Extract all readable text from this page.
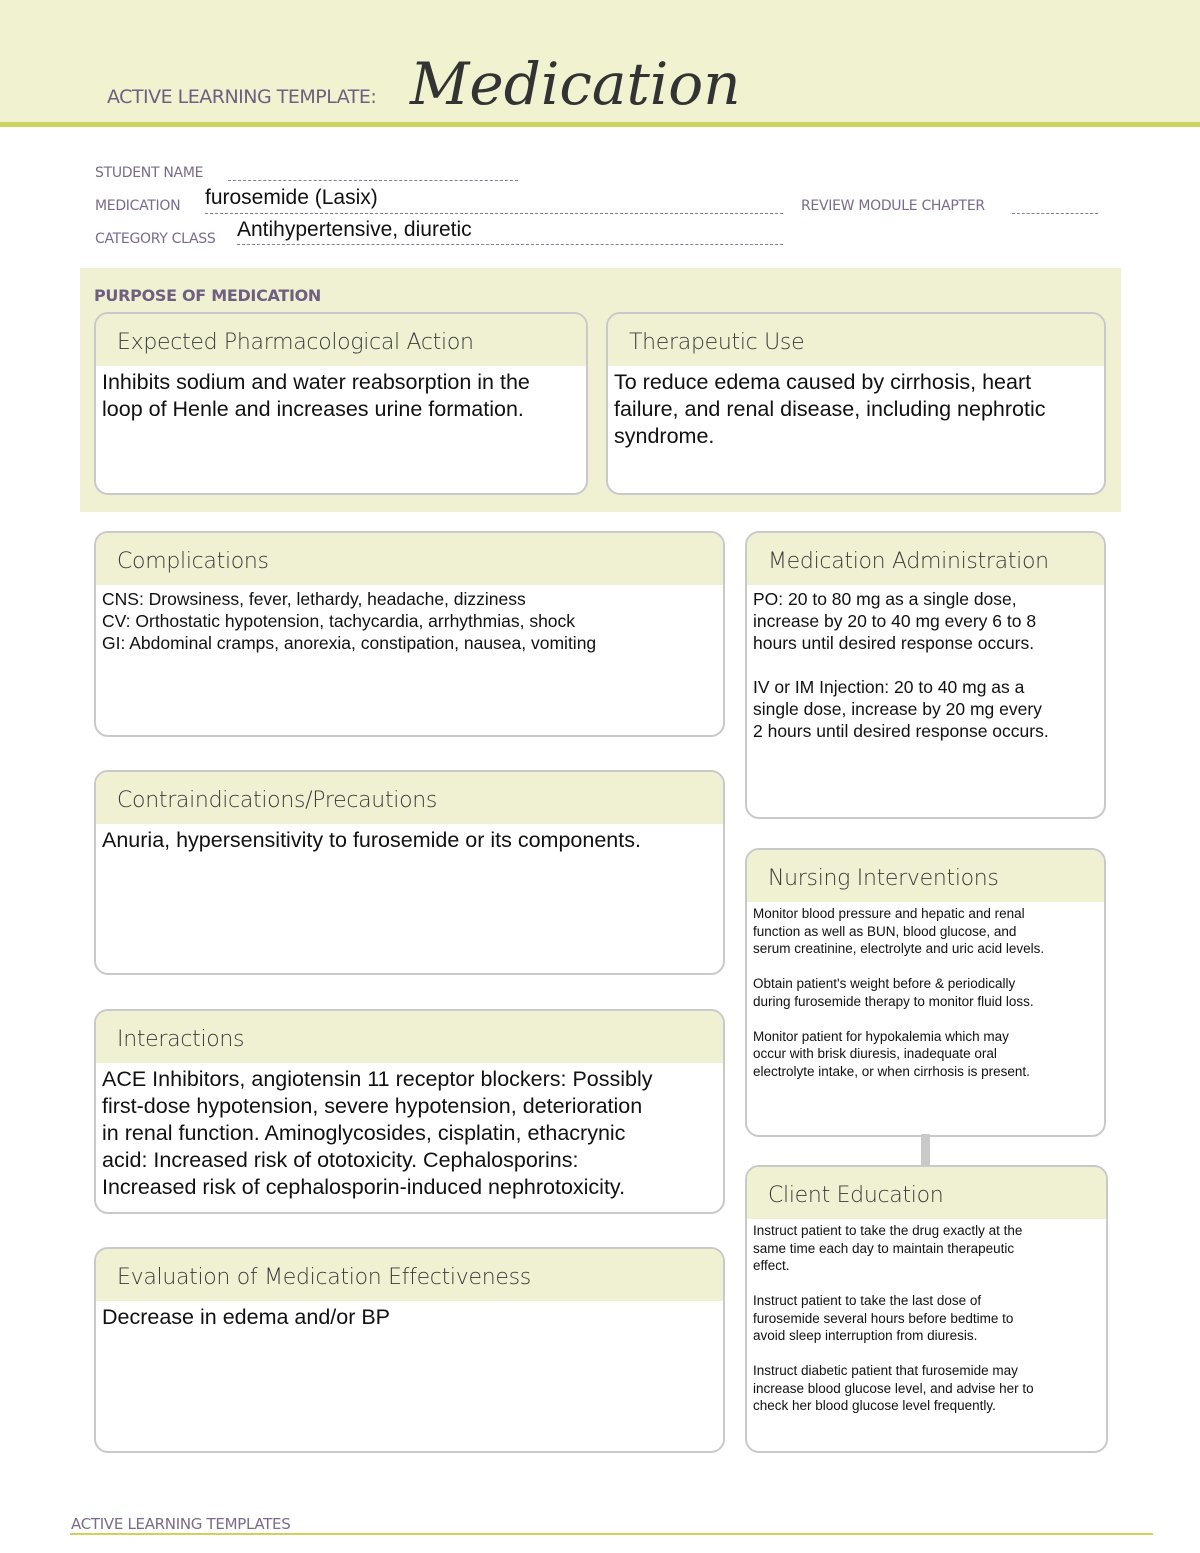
ACTIVE LEARNING TEMPLATE: Medication
STUDENT NAME
MEDICATION furosemide (Lasix)	REVIEW MODULE CHAPTER
CATEGORY CLASS Antihypertensive, diuretic
PURPOSE OF MEDICATION
Expected Pharmacological Action
Inhibits sodium and water reabsorption in the
loop of Henle and increases urine formation.
Therapeutic Use
To reduce edema caused by cirrhosis, heart
failure, and renal disease, including nephrotic
syndrome.
Complications
CNS: Drowsiness, fever, lethardy, headache, dizziness
CV: Orthostatic hypotension, tachycardia, arrhythmias, shock
GI: Abdominal cramps, anorexia, constipation, nausea, vomiting
Medication Administration
PO: 20 to 80 mg as a single dose,
increase by 20 to 40 mg every 6 to 8
hours until desired response occurs.

IV or IM Injection: 20 to 40 mg as a
single dose, increase by 20 mg every
2 hours until desired response occurs.
Contraindications/Precautions
Anuria, hypersensitivity to furosemide or its components.
Nursing Interventions
Monitor blood pressure and hepatic and renal
function as well as BUN, blood glucose, and
serum creatinine, electrolyte and uric acid levels.

Obtain patient's weight before & periodically
during furosemide therapy to monitor fluid loss.

Monitor patient for hypokalemia which may
occur with brisk diuresis, inadequate oral
electrolyte intake, or when cirrhosis is present.
Interactions
ACE Inhibitors, angiotensin 11 receptor blockers: Possibly
first-dose hypotension, severe hypotension, deterioration
in renal function. Aminoglycosides, cisplatin, ethacrynic
acid: Increased risk of ototoxicity. Cephalosporins:
Increased risk of cephalosporin-induced nephrotoxicity.	Client Education
Instruct patient to take the drug exactly at the
same time each day to maintain therapeutic
effect.

Instruct patient to take the last dose of
furosemide several hours before bedtime to
avoid sleep interruption from diuresis.

Instruct diabetic patient that furosemide may
increase blood glucose level, and advise her to
check her blood glucose level frequently.
Evaluation of Medication Effectiveness
Decrease in edema and/or BP
ACTIVE LEARNING TEMPLATES
